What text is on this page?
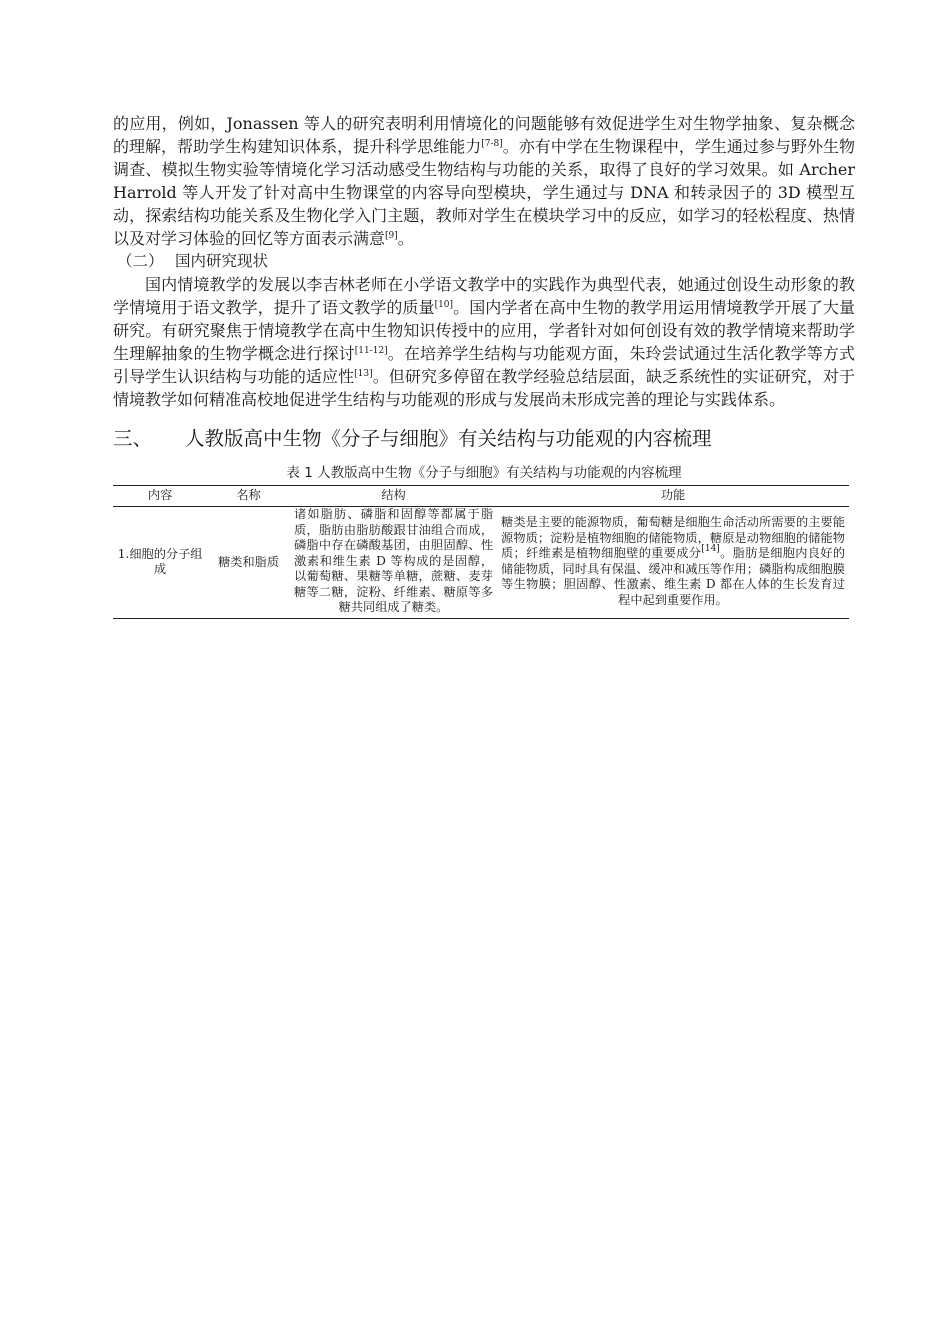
的应用，例如，Jonassen 等人的研究表明利用情境化的问题能够有效促进学生对生物学抽象、复杂概念的理解，帮助学生构建知识体系，提升科学思维能力[7-8]。亦有中学在生物课程中，学生通过参与野外生物调查、模拟生物实验等情境化学习活动感受生物结构与功能的关系，取得了良好的学习效果。如 Archer Harrold 等人开发了针对高中生物课堂的内容导向型模块，学生通过与 DNA 和转录因子的 3D 模型互动，探索结构功能关系及生物化学入门主题，教师对学生在模块学习中的反应，如学习的轻松程度、热情以及对学习体验的回忆等方面表示满意[9]。

（二） 国内研究现状

国内情境教学的发展以李吉林老师在小学语文教学中的实践作为典型代表，她通过创设生动形象的教学情境用于语文教学，提升了语文教学的质量[10]。国内学者在高中生物的教学用运用情境教学开展了大量研究。有研究聚焦于情境教学在高中生物知识传授中的应用，学者针对如何创设有效的教学情境来帮助学生理解抽象的生物学概念进行探讨[11-12]。在培养学生结构与功能观方面，朱玲尝试通过生活化教学等方式引导学生认识结构与功能的适应性[13]。但研究多停留在教学经验总结层面，缺乏系统性的实证研究，对于情境教学如何精准高校地促进学生结构与功能观的形成与发展尚未形成完善的理论与实践体系。

三、 人教版高中生物《分子与细胞》有关结构与功能观的内容梳理

表 1 人教版高中生物《分子与细胞》有关结构与功能观的内容梳理

内容	名称	结构	功能
1.细胞的分子组成	糖类和脂质	诸如脂肪、磷脂和固醇等都属于脂质，脂肪由脂肪酸跟甘油组合而成，磷脂中存在磷酸基团，由胆固醇、性激素和维生素 D 等构成的是固醇，以葡萄糖、果糖等单糖，蔗糖、麦芽糖等二糖，淀粉、纤维素、糖原等多糖共同组成了糖类。	糖类是主要的能源物质，葡萄糖是细胞生命活动所需要的主要能源物质；淀粉是植物细胞的储能物质，糖原是动物细胞的储能物质；纤维素是植物细胞壁的重要成分[14]。脂肪是细胞内良好的储能物质，同时具有保温、缓冲和减压等作用；磷脂构成细胞膜等生物膜；胆固醇、性激素、维生素 D 都在人体的生长发育过程中起到重要作用。
